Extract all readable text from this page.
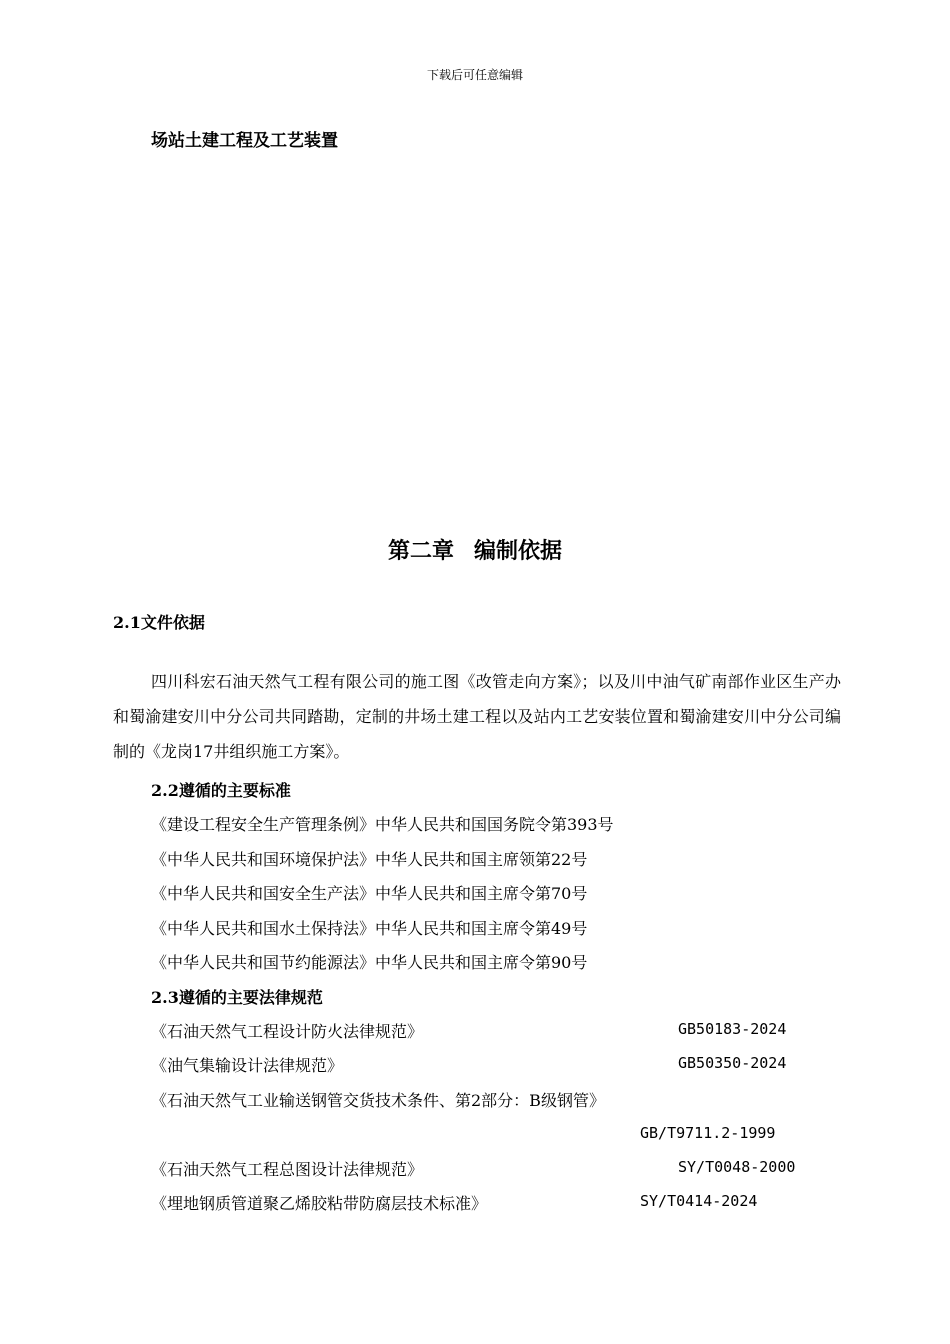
下载后可任意编辑
场站土建工程及工艺装置
第二章 编制依据
2.1文件依据
四川科宏石油天然气工程有限公司的施工图《改管走向方案》；以及川中油气矿南部作业区生产办和蜀渝建安川中分公司共同踏勘，定制的井场土建工程以及站内工艺安装位置和蜀渝建安川中分公司编制的《龙岗17井组织施工方案》。
2.2遵循的主要标准
《建设工程安全生产管理条例》中华人民共和国国务院令第393号
《中华人民共和国环境保护法》中华人民共和国主席领第22号
《中华人民共和国安全生产法》中华人民共和国主席令第70号
《中华人民共和国水土保持法》中华人民共和国主席令第49号
《中华人民共和国节约能源法》中华人民共和国主席令第90号
2.3遵循的主要法律规范
《石油天然气工程设计防火法律规范》	GB50183-2024
《油气集输设计法律规范》	GB50350-2024
《石油天然气工业输送钢管交货技术条件、第2部分：B级钢管》
GB/T9711.2-1999
《石油天然气工程总图设计法律规范》	SY/T0048-2000
《埋地钢质管道聚乙烯胶粘带防腐层技术标准》	SY/T0414-2024
